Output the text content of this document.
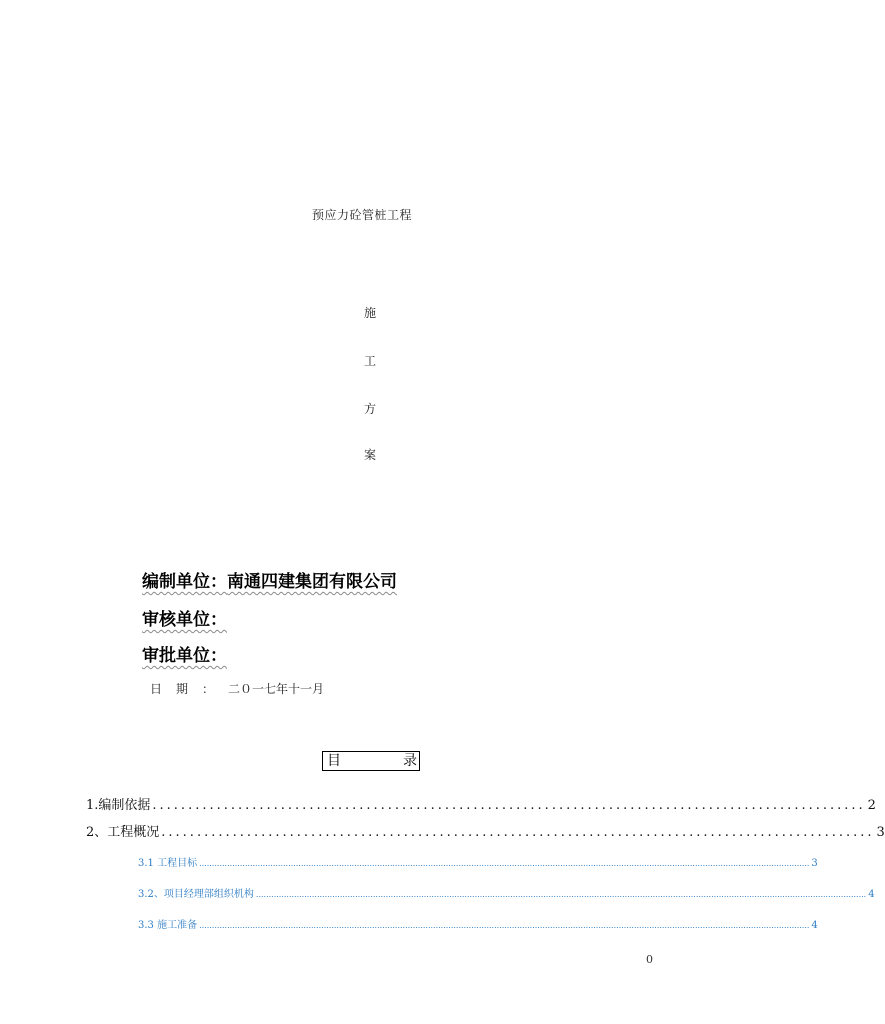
预应力砼管桩工程
施
工
方
案
编制单位：南通四建集团有限公司
审核单位：
审批单位：
日期：二０一七年十一月
目	录
1.编制依据 .................................................................................................... 2
2、工程概况 .................................................................................................... 3
3.1 工程目标 ................................................................................................................................................................................................................................................ 3
3.2、项目经理部组织机构 ................................................................................................................................................................................................................................................ 4
3.3 施工准备 ................................................................................................................................................................................................................................................ 4
0
